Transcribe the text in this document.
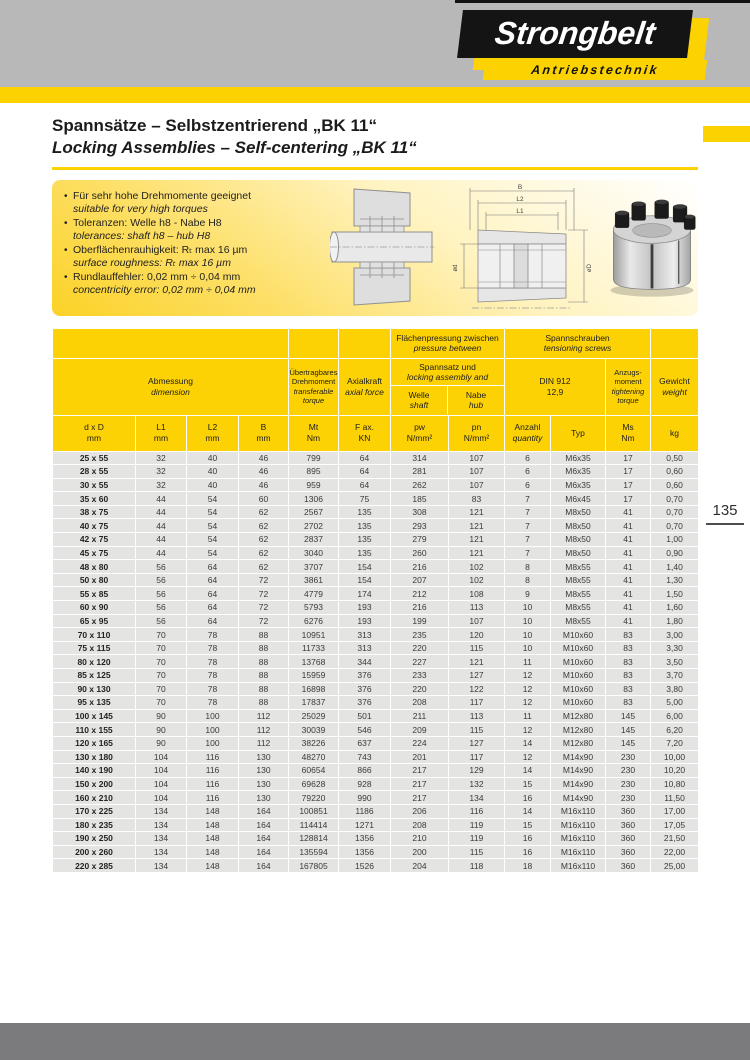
Strongbelt
Antriebstechnik
Spannsätze – Selbstzentrierend „BK 11“
Locking Assemblies – Self-centering „BK 11“
• Für sehr hohe Drehmomente geeignet
suitable for very high torques
• Toleranzen: Welle h8 - Nabe H8
tolerances: shaft h8 – hub H8
• Oberflächenrauhigkeit: Rₜ max 16 µm
surface roughness: Rₜ max 16 µm
• Rundlauffehler: 0,02 mm ÷ 0,04 mm
concentricity error: 0,02 mm ÷ 0,04 mm
B
L2
L1
ød	øD

Flächenpressung zwischen
pressure between

Spannschrauben
tensioning screws

Abmessung
dimension

Übertragbares
Drehmoment
transferable
torque

Axialkraft
axial force

Spannsatz und
locking assembly and
Welle
shaft
Nabe
hub

DIN 912
12,9

Anzugs-
moment
tightening
torque

Gewicht
weight

d x D
mm

L1
mm

L2
mm

B
mm

Mt
Nm

F ax.
KN

pw
N/mm²

pn
N/mm²

Anzahl
quantity

Typ

Ms
Nm

kg

25 x 55	32	40	46	799	64	314	107	6	M6x35	17	0,50
28 x 55	32	40	46	895	64	281	107	6	M6x35	17	0,60
30 x 55	32	40	46	959	64	262	107	6	M6x35	17	0,60
35 x 60	44	54	60	1306	75	185	83	7	M6x45	17	0,70
38 x 75	44	54	62	2567	135	308	121	7	M8x50	41	0,70
40 x 75	44	54	62	2702	135	293	121	7	M8x50	41	0,70
42 x 75	44	54	62	2837	135	279	121	7	M8x50	41	1,00
45 x 75	44	54	62	3040	135	260	121	7	M8x50	41	0,90
48 x 80	56	64	62	3707	154	216	102	8	M8x55	41	1,40
50 x 80	56	64	72	3861	154	207	102	8	M8x55	41	1,30
55 x 85	56	64	72	4779	174	212	108	9	M8x55	41	1,50
60 x 90	56	64	72	5793	193	216	113	10	M8x55	41	1,60
65 x 95	56	64	72	6276	193	199	107	10	M8x55	41	1,80
70 x 110	70	78	88	10951	313	235	120	10	M10x60	83	3,00
75 x 115	70	78	88	11733	313	220	115	10	M10x60	83	3,30
80 x 120	70	78	88	13768	344	227	121	11	M10x60	83	3,50
85 x 125	70	78	88	15959	376	233	127	12	M10x60	83	3,70
90 x 130	70	78	88	16898	376	220	122	12	M10x60	83	3,80
95 x 135	70	78	88	17837	376	208	117	12	M10x60	83	5,00
100 x 145	90	100	112	25029	501	211	113	11	M12x80	145	6,00
110 x 155	90	100	112	30039	546	209	115	12	M12x80	145	6,20
120 x 165	90	100	112	38226	637	224	127	14	M12x80	145	7,20
130 x 180	104	116	130	48270	743	201	117	12	M14x90	230	10,00
140 x 190	104	116	130	60654	866	217	129	14	M14x90	230	10,20
150 x 200	104	116	130	69628	928	217	132	15	M14x90	230	10,80
160 x 210	104	116	130	79220	990	217	134	16	M14x90	230	11,50
170 x 225	134	148	164	100851	1186	206	116	14	M16x110	360	17,00
180 x 235	134	148	164	114414	1271	208	119	15	M16x110	360	17,05
190 x 250	134	148	164	128814	1356	210	119	16	M16x110	360	21,50
200 x 260	134	148	164	135594	1356	200	115	16	M16x110	360	22,00
220 x 285	134	148	164	167805	1526	204	118	18	M16x110	360	25,00
135
